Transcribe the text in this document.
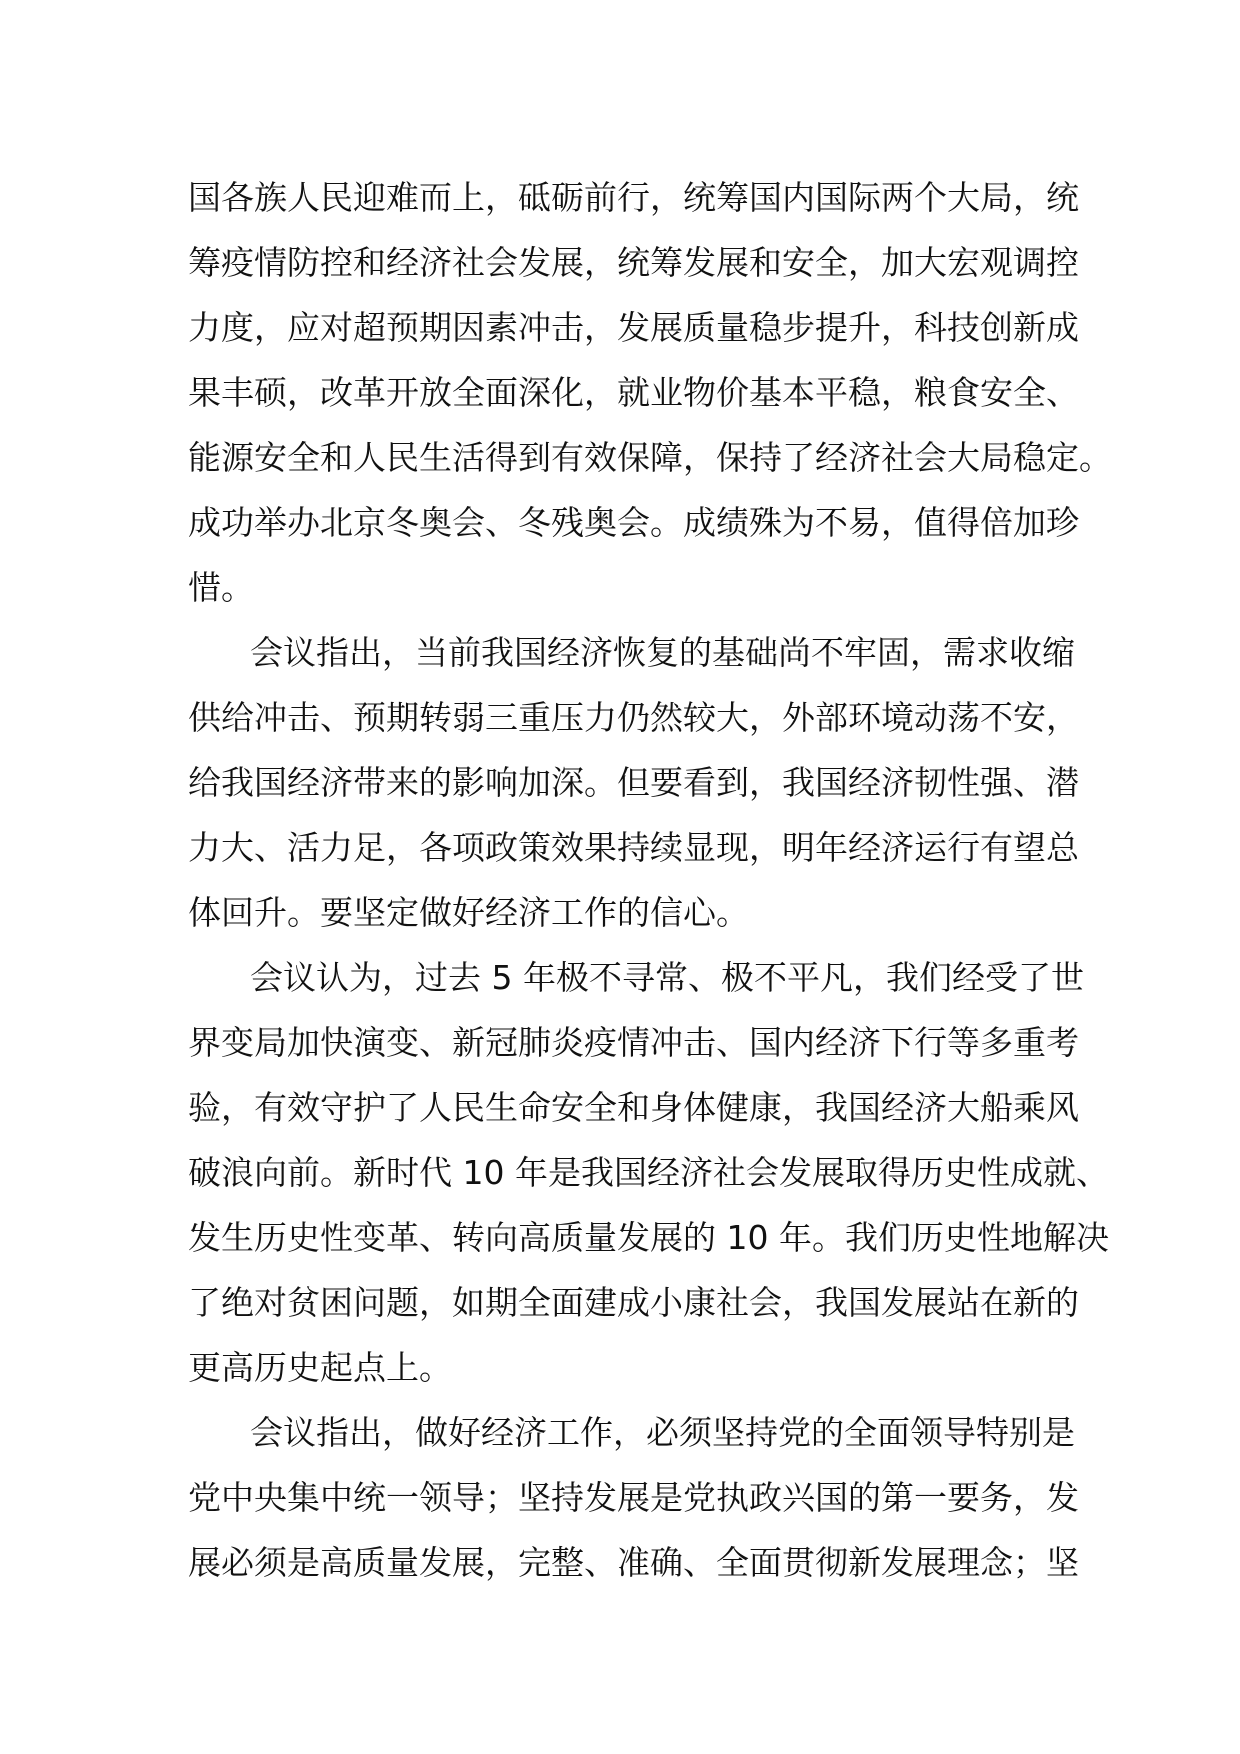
国各族人民迎难而上，砥砺前行，统筹国内国际两个大局，统
筹疫情防控和经济社会发展，统筹发展和安全，加大宏观调控
力度，应对超预期因素冲击，发展质量稳步提升，科技创新成
果丰硕，改革开放全面深化，就业物价基本平稳，粮食安全、
能源安全和人民生活得到有效保障，保持了经济社会大局稳定。
成功举办北京冬奥会、冬残奥会。成绩殊为不易，值得倍加珍
惜。
会议指出，当前我国经济恢复的基础尚不牢固，需求收缩
供给冲击、预期转弱三重压力仍然较大，外部环境动荡不安，
给我国经济带来的影响加深。但要看到，我国经济韧性强、潜
力大、活力足，各项政策效果持续显现，明年经济运行有望总
体回升。要坚定做好经济工作的信心。
会议认为，过去 5 年极不寻常、极不平凡，我们经受了世
界变局加快演变、新冠肺炎疫情冲击、国内经济下行等多重考
验，有效守护了人民生命安全和身体健康，我国经济大船乘风
破浪向前。新时代 10 年是我国经济社会发展取得历史性成就、
发生历史性变革、转向高质量发展的 10 年。我们历史性地解决
了绝对贫困问题，如期全面建成小康社会，我国发展站在新的
更高历史起点上。
会议指出，做好经济工作，必须坚持党的全面领导特别是
党中央集中统一领导；坚持发展是党执政兴国的第一要务，发
展必须是高质量发展，完整、准确、全面贯彻新发展理念；坚
